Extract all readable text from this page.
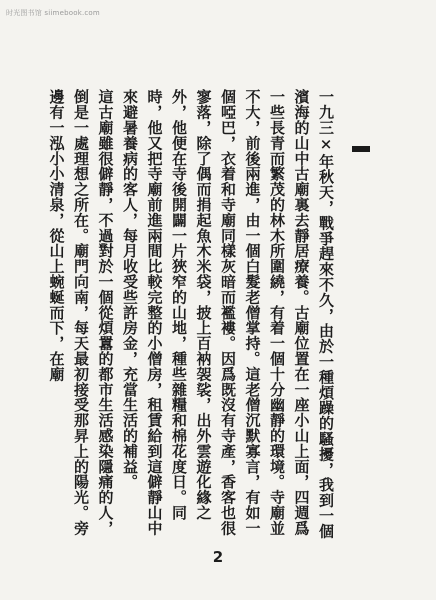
时光图书馆 siimebook.com

一九三×年秋天，戰爭趕來不久，由於一種煩躁的騷擾，我到一個濱海的山中古廟裏去靜居療養。古廟位置在一座小山上面，四週爲一些長青而繁茂的林木所圍繞，有着一個十分幽靜的環境。寺廟並不大，前後兩進，由一個白髮老僧掌持。這老僧沉默寡言，有如一個啞巴，衣着和寺廟同樣灰暗而襤褸。因爲既沒有寺產，香客也很寥落，除了偶而捐起魚木米袋，披上百衲袈裟，出外雲遊化緣之外，他便在寺後開闢一片狹窄的山地，種些雜糧和棉花度日。同時，他又把寺廟前進兩間比較完整的小僧房，租賃給到這僻靜山中來避暑養病的客人，每月收受些許房金，充當生活的補益。

這古廟雖很僻靜，不過對於一個從煩囂的都市生活感染隱痛的人，倒是一處理想之所在。廟門向南，每天最初接受那昇上的陽光。旁邊有一泓小小清泉，從山上蜿蜒而下，在廟

2
